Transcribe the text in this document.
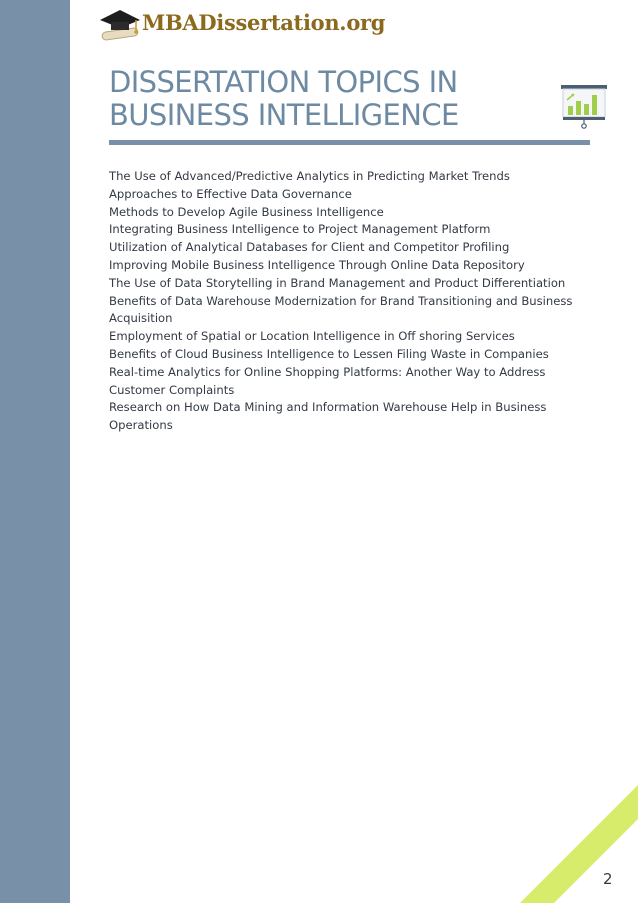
MBADissertation.org
DISSERTATION TOPICS IN
BUSINESS INTELLIGENCE
The Use of Advanced/Predictive Analytics in Predicting Market Trends
Approaches to Effective Data Governance
Methods to Develop Agile Business Intelligence
Integrating Business Intelligence to Project Management Platform
Utilization of Analytical Databases for Client and Competitor Profiling
Improving Mobile Business Intelligence Through Online Data Repository
The Use of Data Storytelling in Brand Management and Product Differentiation
Benefits of Data Warehouse Modernization for Brand Transitioning and Business Acquisition
Employment of Spatial or Location Intelligence in Off shoring Services
Benefits of Cloud Business Intelligence to Lessen Filing Waste in Companies
Real-time Analytics for Online Shopping Platforms: Another Way to Address Customer Complaints
Research on How Data Mining and Information Warehouse Help in Business Operations
2
